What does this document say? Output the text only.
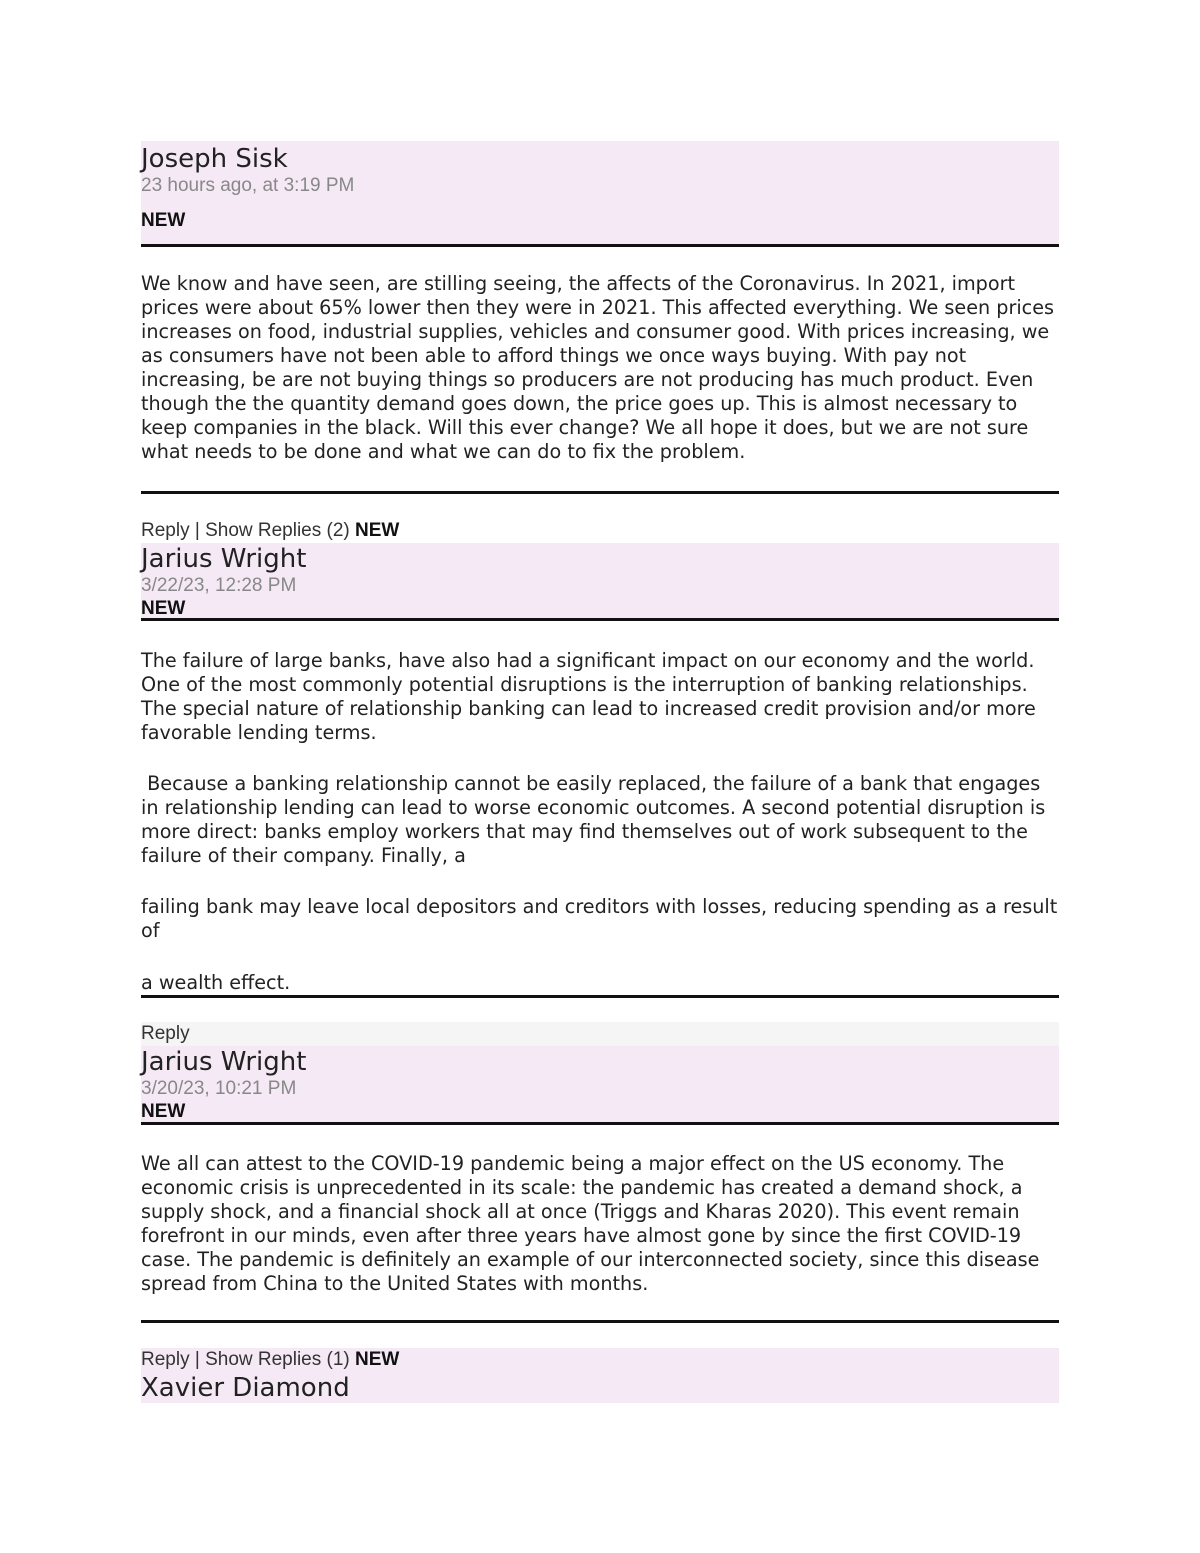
Joseph Sisk
23 hours ago, at 3:19 PM
NEW

We know and have seen, are stilling seeing, the affects of the Coronavirus. In 2021, import prices were about 65% lower then they were in 2021. This affected everything. We seen prices increases on food, industrial supplies, vehicles and consumer good. With prices increasing, we as consumers have not been able to afford things we once ways buying. With pay not increasing, be are not buying things so producers are not producing has much product. Even though the the quantity demand goes down, the price goes up. This is almost necessary to keep companies in the black. Will this ever change? We all hope it does, but we are not sure what needs to be done and what we can do to fix the problem.

Reply | Show Replies (2) NEW
Jarius Wright
3/22/23, 12:28 PM
NEW

The failure of large banks, have also had a significant impact on our economy and the world. One of the most commonly potential disruptions is the interruption of banking relationships. The special nature of relationship banking can lead to increased credit provision and/or more favorable lending terms.

Because a banking relationship cannot be easily replaced, the failure of a bank that engages in relationship lending can lead to worse economic outcomes. A second potential disruption is more direct: banks employ workers that may find themselves out of work subsequent to the failure of their company. Finally, a

failing bank may leave local depositors and creditors with losses, reducing spending as a result of

a wealth effect.

Reply
Jarius Wright
3/20/23, 10:21 PM
NEW

We all can attest to the COVID-19 pandemic being a major effect on the US economy. The economic crisis is unprecedented in its scale: the pandemic has created a demand shock, a supply shock, and a financial shock all at once (Triggs and Kharas 2020). This event remain forefront in our minds, even after three years have almost gone by since the first COVID-19 case. The pandemic is definitely an example of our interconnected society, since this disease spread from China to the United States with months.

Reply | Show Replies (1) NEW
Xavier Diamond
